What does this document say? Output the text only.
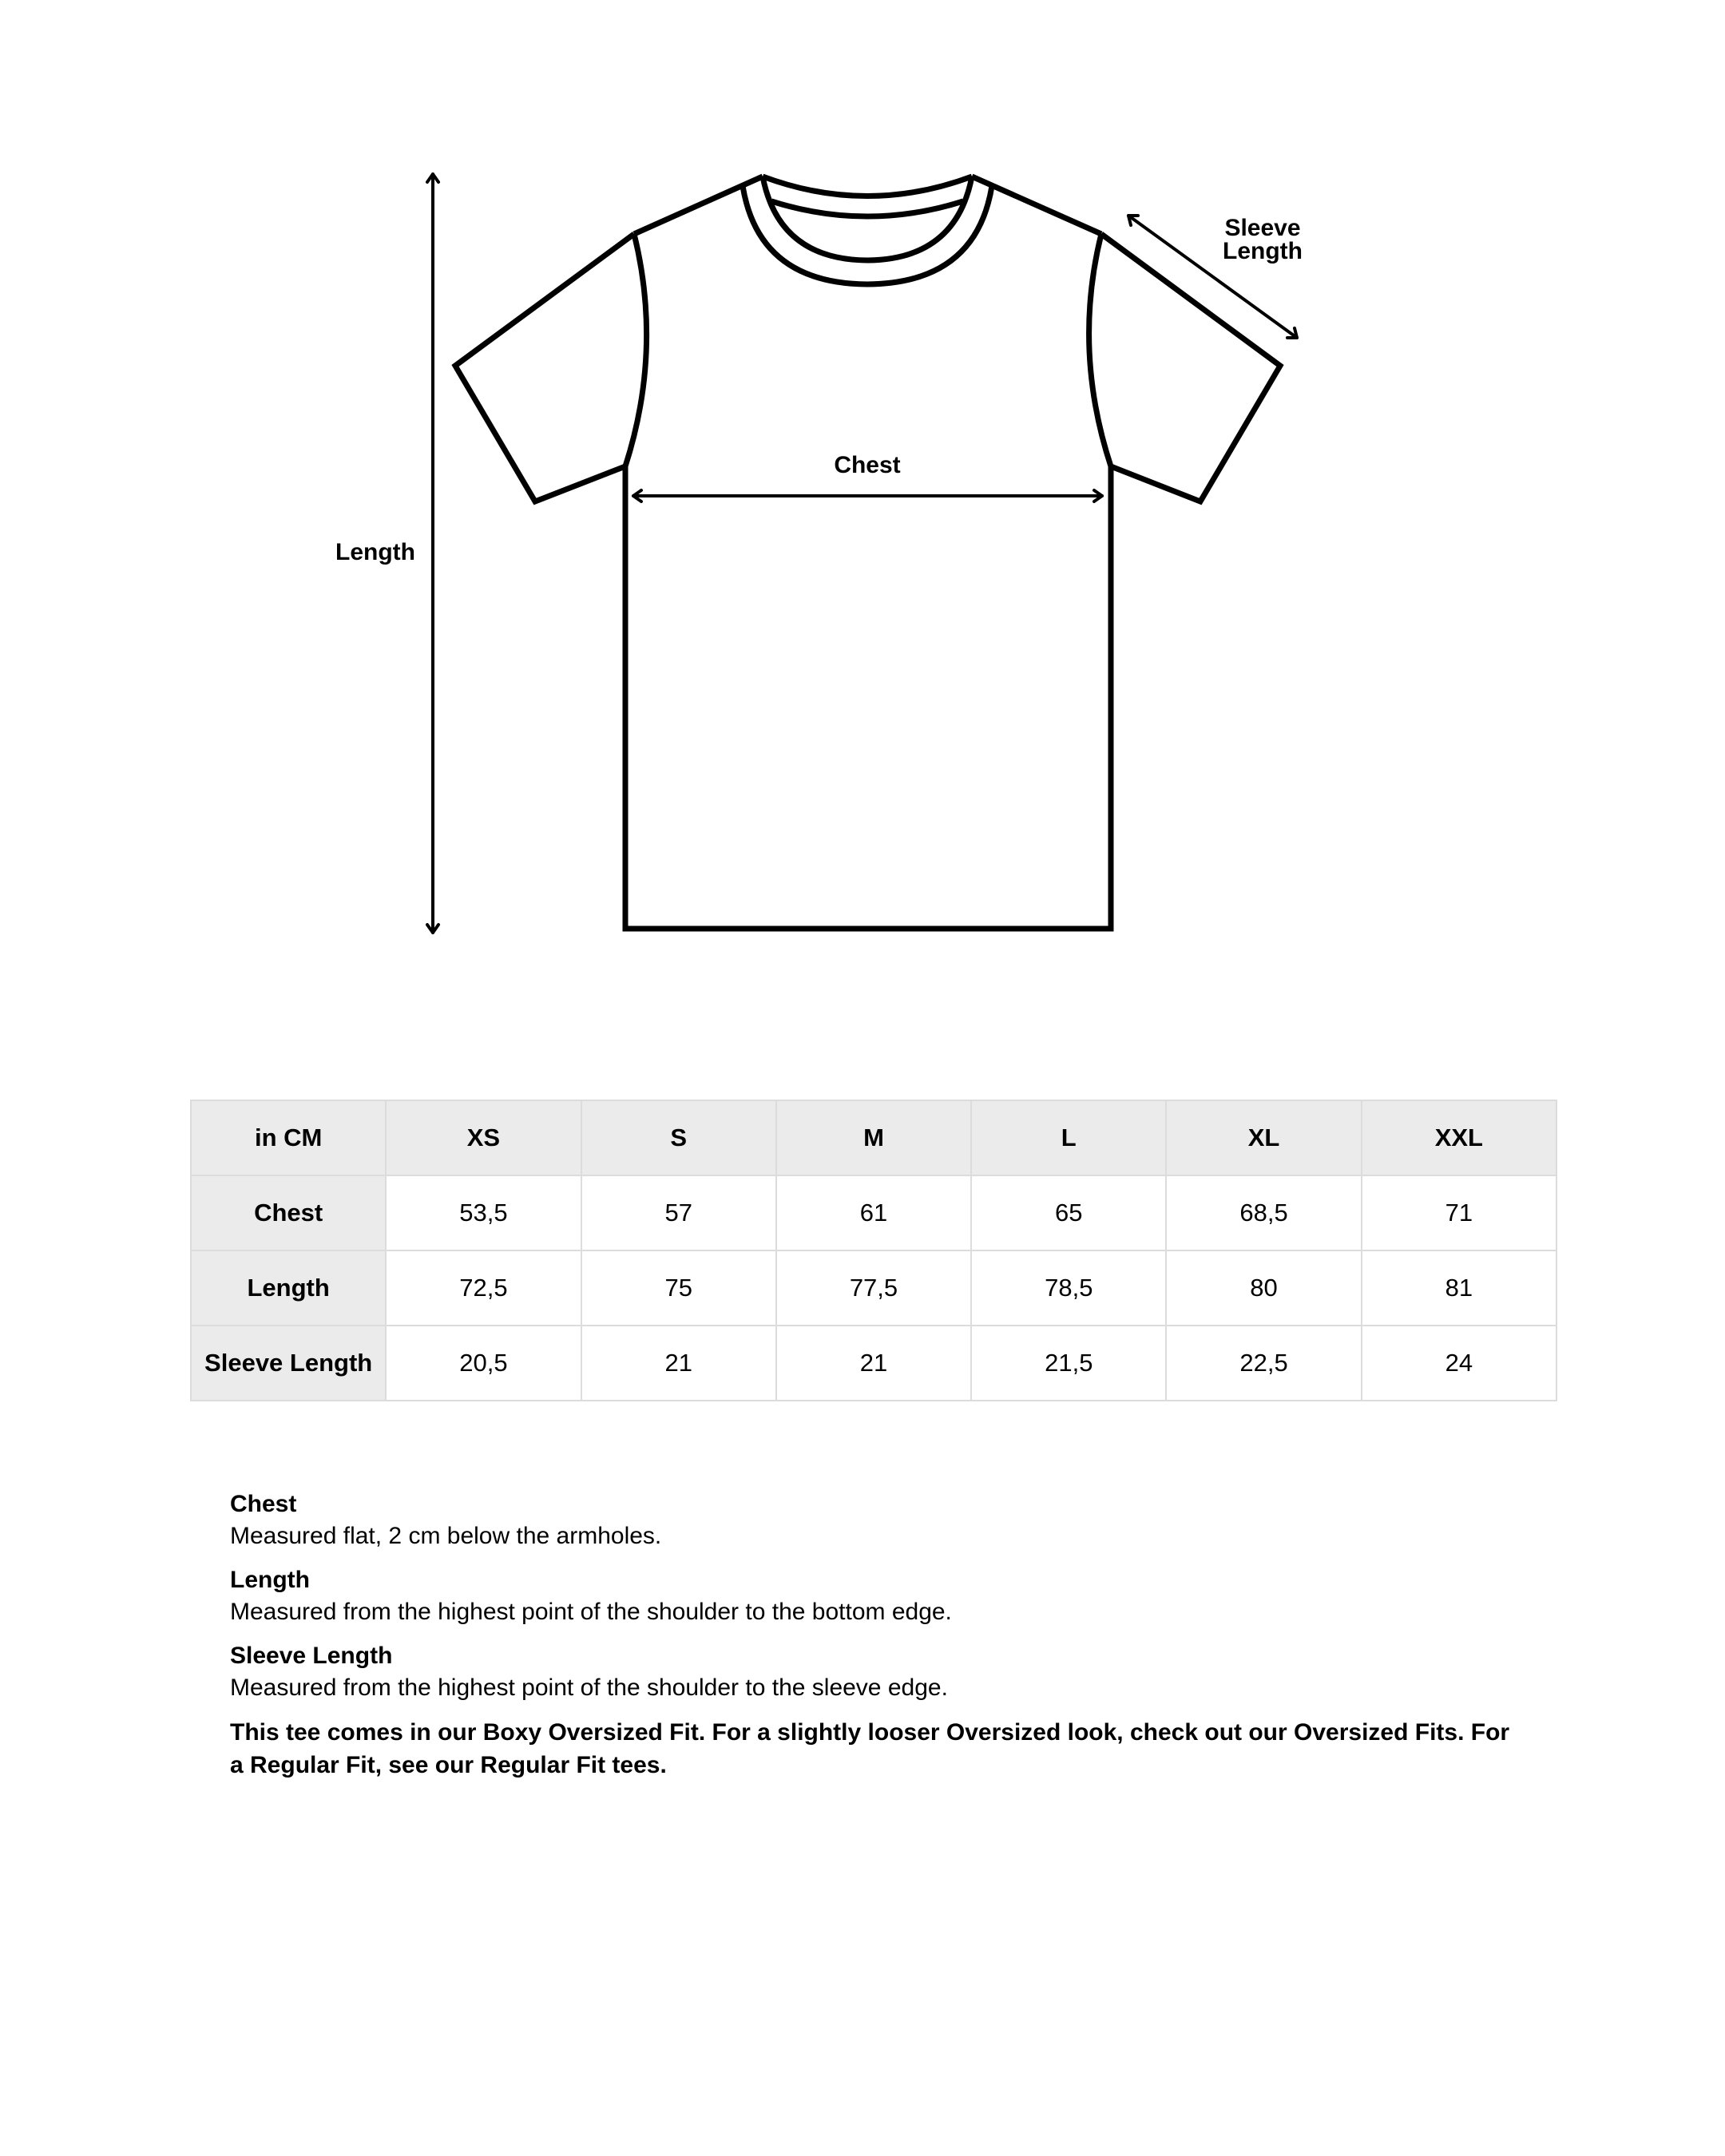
Length
Chest
Sleeve
Length
in CM	XS	S	M	L	XL	XXL
Chest	53,5	57	61	65	68,5	71
Length	72,5	75	77,5	78,5	80	81
Sleeve Length	20,5	21	21	21,5	22,5	24
Chest
Measured flat, 2 cm below the armholes.
Length
Measured from the highest point of the shoulder to the bottom edge.
Sleeve Length
Measured from the highest point of the shoulder to the sleeve edge.
This tee comes in our Boxy Oversized Fit. For a slightly looser Oversized look, check out our Oversized Fits. For a Regular Fit, see our Regular Fit tees.
